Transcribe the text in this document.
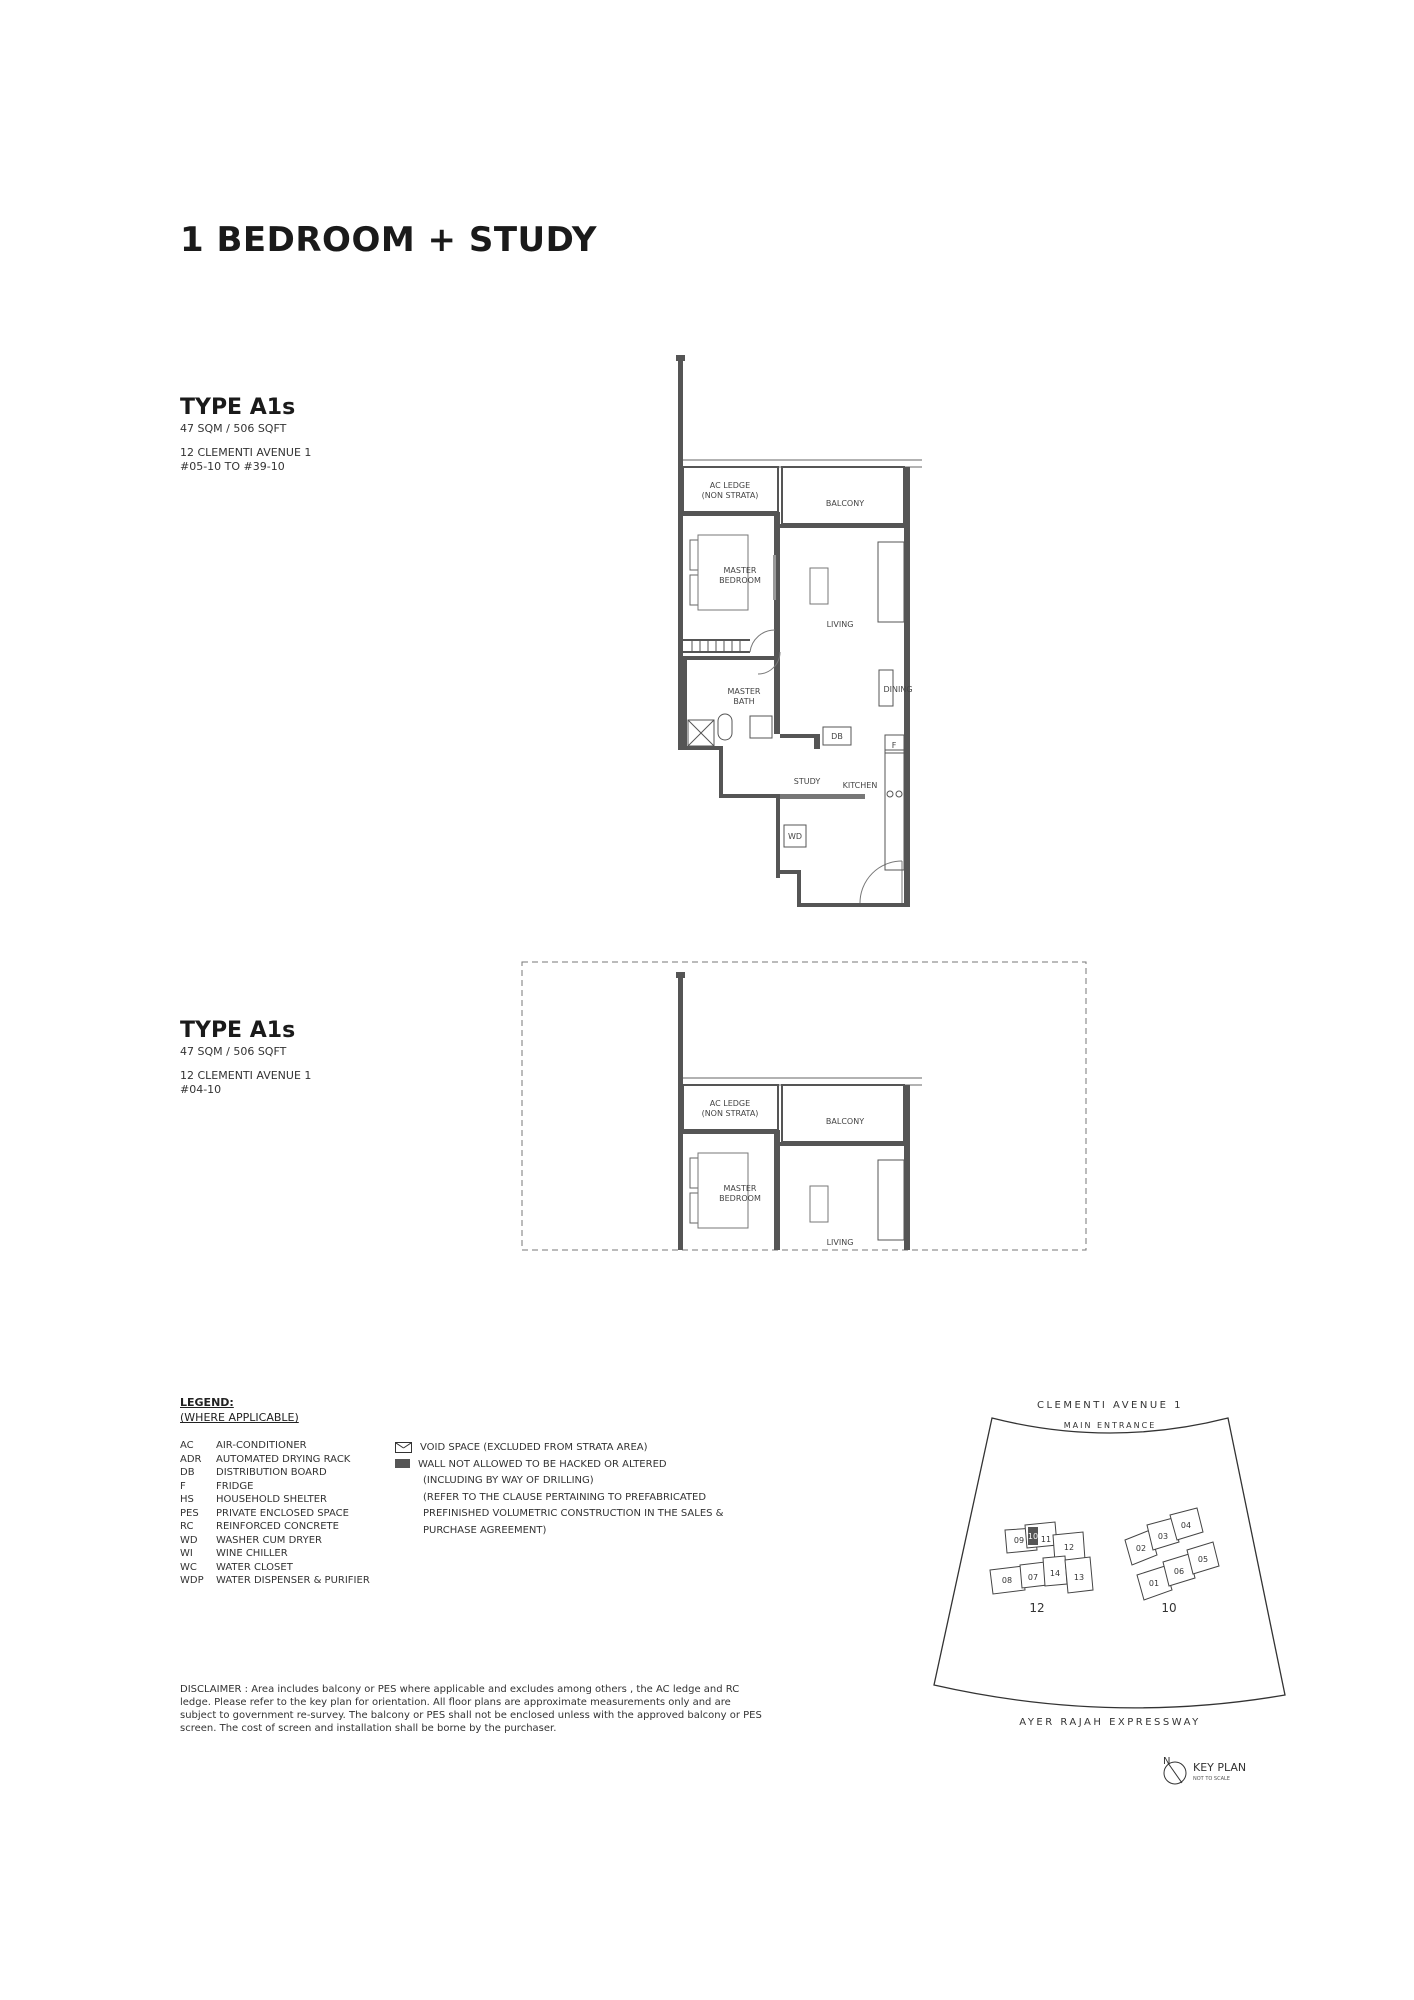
1 BEDROOM + STUDY
TYPE A1s
47 SQM / 506 SQFT
12 CLEMENTI AVENUE 1
#05-10 TO #39-10
TYPE A1s
47 SQM / 506 SQFT
12 CLEMENTI AVENUE 1
#04-10
AC LEDGE
(NON STRATA)
BALCONY
MASTER
BEDROOM
LIVING
DINING
MASTER
BATH
DB
F
STUDY	KITCHEN
WD
AC LEDGE
(NON STRATA)
BALCONY
MASTER
BEDROOM
LIVING
LEGEND:
(WHERE APPLICABLE)
AC	AIR-CONDITIONER
ADR	AUTOMATED DRYING RACK
DB	DISTRIBUTION BOARD
F	FRIDGE
HS	HOUSEHOLD SHELTER
PES	PRIVATE ENCLOSED SPACE
RC	REINFORCED CONCRETE
WD	WASHER CUM DRYER
WI	WINE CHILLER
WC	WATER CLOSET
WDP	WATER DISPENSER & PURIFIER
VOID SPACE (EXCLUDED FROM STRATA AREA)
WALL NOT ALLOWED TO BE HACKED OR ALTERED
(INCLUDING BY WAY OF DRILLING)
(REFER TO THE CLAUSE PERTAINING TO PREFABRICATED
PREFINISHED VOLUMETRIC CONSTRUCTION IN THE SALES &
PURCHASE AGREEMENT)
DISCLAIMER : Area includes balcony or PES where applicable and excludes among others , the AC ledge and RC ledge. Please refer to the key plan for orientation. All floor plans are approximate measurements only and are subject to government re-survey. The balcony or PES shall not be enclosed unless with the approved balcony or PES screen. The cost of screen and installation shall be borne by the purchaser.
CLEMENTI AVENUE 1
MAIN ENTRANCE
09 10 11
12
08 07 14 13
12
02
03
04
01
06
05
10
AYER RAJAH EXPRESSWAY
N KEY PLAN
NOT TO SCALE
